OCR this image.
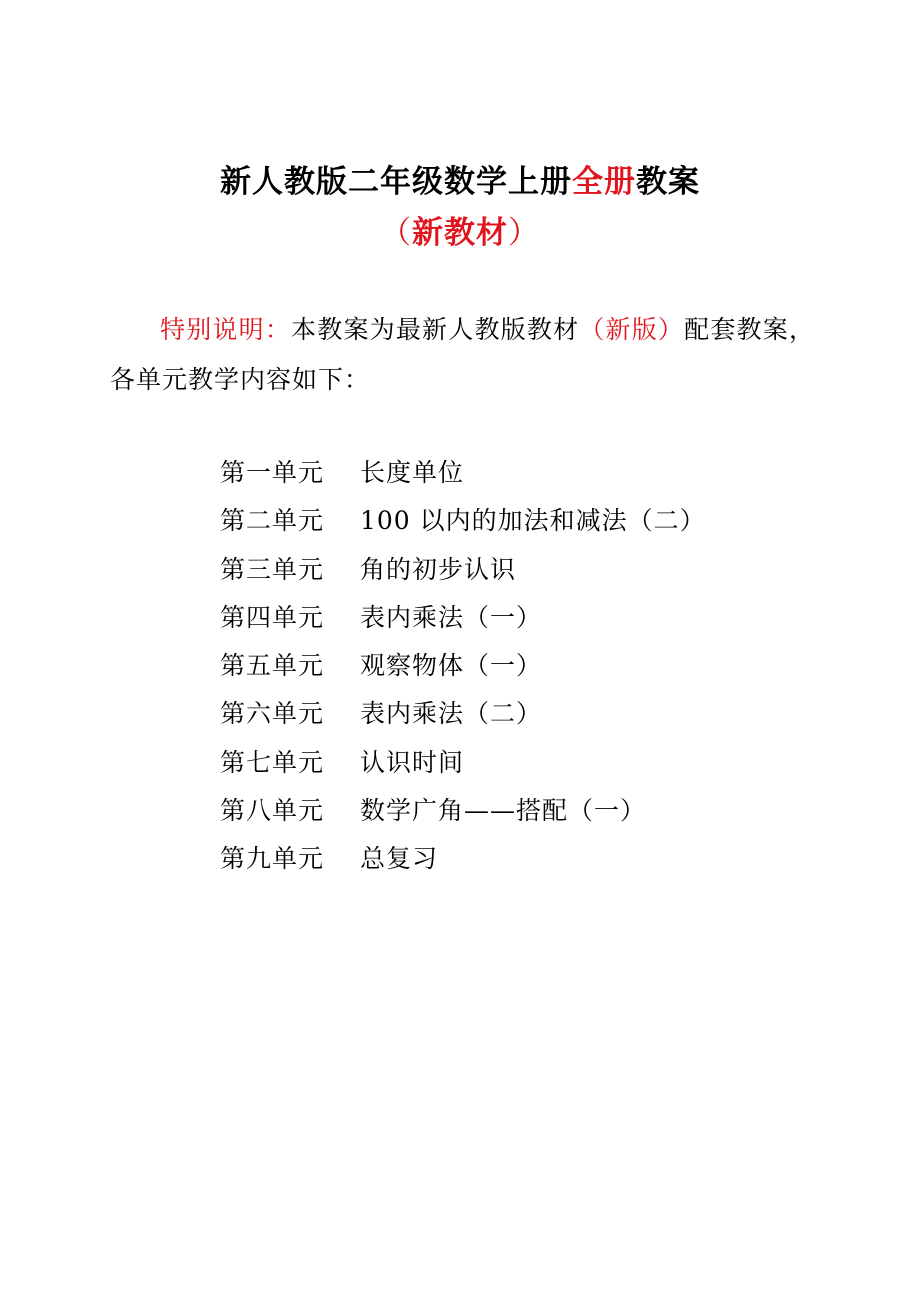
新人教版二年级数学上册全册教案
（新教材）
特别说明：本教案为最新人教版教材（新版）配套教案，各单元教学内容如下：
第一单元 长度单位
第二单元 100 以内的加法和减法（二）
第三单元 角的初步认识
第四单元 表内乘法（一）
第五单元 观察物体（一）
第六单元 表内乘法（二）
第七单元 认识时间
第八单元 数学广角——搭配（一）
第九单元 总复习
